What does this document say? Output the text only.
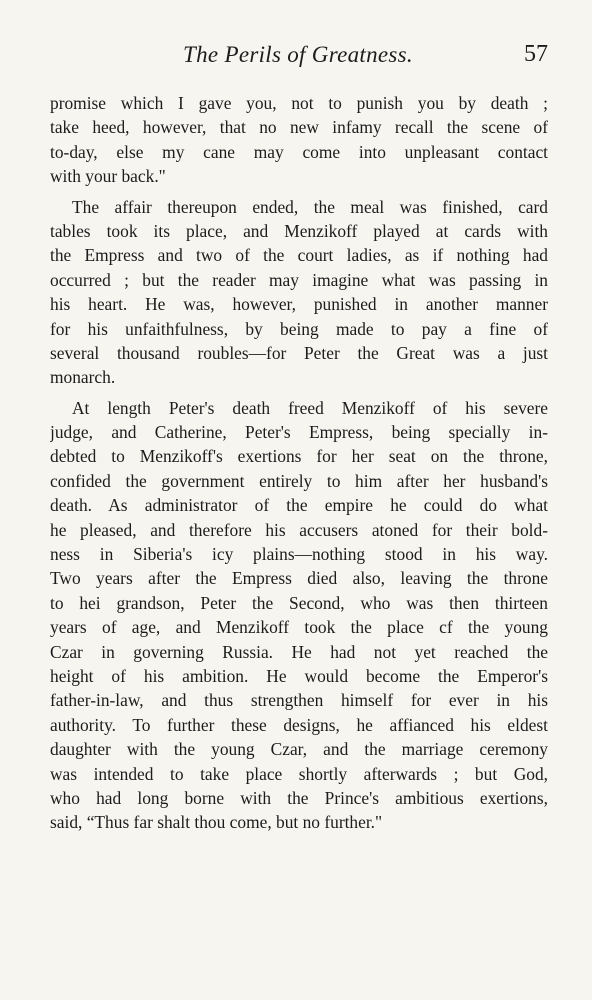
The Perils of Greatness.	57
promise which I gave you, not to punish you by death ;
take heed, however, that no new infamy recall the scene of
to-day, else my cane may come into unpleasant contact
with your back."
The affair thereupon ended, the meal was finished, card
tables took its place, and Menzikoff played at cards with
the Empress and two of the court ladies, as if nothing had
occurred ; but the reader may imagine what was passing in
his heart. He was, however, punished in another manner
for his unfaithfulness, by being made to pay a fine of
several thousand roubles—for Peter the Great was a just
monarch.
At length Peter's death freed Menzikoff of his severe
judge, and Catherine, Peter's Empress, being specially in-
debted to Menzikoff's exertions for her seat on the throne,
confided the government entirely to him after her husband's
death. As administrator of the empire he could do what
he pleased, and therefore his accusers atoned for their bold-
ness in Siberia's icy plains—nothing stood in his way.
Two years after the Empress died also, leaving the throne
to hei grandson, Peter the Second, who was then thirteen
years of age, and Menzikoff took the place cf the young
Czar in governing Russia. He had not yet reached the
height of his ambition. He would become the Emperor's
father-in-law, and thus strengthen himself for ever in his
authority. To further these designs, he affianced his eldest
daughter with the young Czar, and the marriage ceremony
was intended to take place shortly afterwards ; but God,
who had long borne with the Prince's ambitious exertions,
said, “Thus far shalt thou come, but no further."
